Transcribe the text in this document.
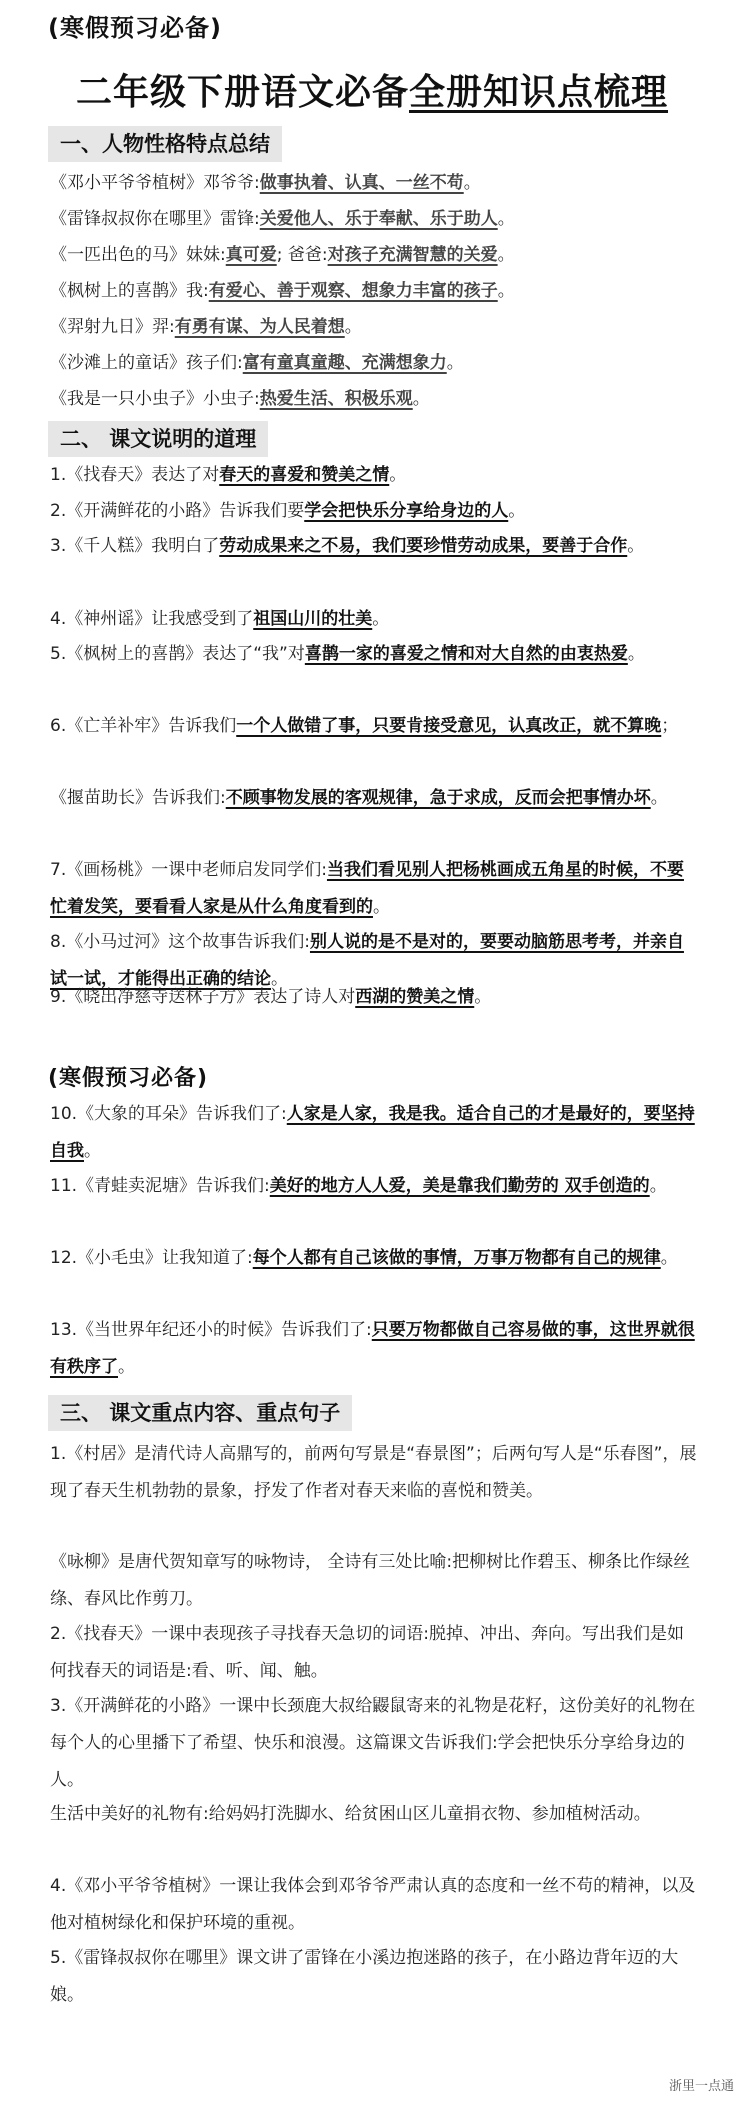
(寒假预习必备)
二年级下册语文必备全册知识点梳理
一、人物性格特点总结
《邓小平爷爷植树》邓爷爷:做事执着、认真、一丝不苟。
《雷锋叔叔你在哪里》雷锋:关爱他人、乐于奉献、乐于助人。
《一匹出色的马》妹妹:真可爱; 爸爸:对孩子充满智慧的关爱。
《枫树上的喜鹊》我:有爱心、善于观察、想象力丰富的孩子。
《羿射九日》羿:有勇有谋、为人民着想。
《沙滩上的童话》孩子们:富有童真童趣、充满想象力。
《我是一只小虫子》小虫子:热爱生活、积极乐观。
二、 课文说明的道理
1.《找春天》表达了对春天的喜爱和赞美之情。
2.《开满鲜花的小路》告诉我们要学会把快乐分享给身边的人。
3.《千人糕》我明白了劳动成果来之不易，我们要珍惜劳动成果，要善于合作。
4.《神州谣》让我感受到了祖国山川的壮美。
5.《枫树上的喜鹊》表达了“我”对喜鹊一家的喜爱之情和对大自然的由衷热爱。
6.《亡羊补牢》告诉我们一个人做错了事，只要肯接受意见，认真改正，就不算晚；
《揠苗助长》告诉我们:不顾事物发展的客观规律，急于求成，反而会把事情办坏。
7.《画杨桃》一课中老师启发同学们:当我们看见别人把杨桃画成五角星的时候，不要忙着发笑，要看看人家是从什么角度看到的。
8.《小马过河》这个故事告诉我们:别人说的是不是对的，要要动脑筋思考考，并亲自试一试，才能得出正确的结论。
9.《晓出净慈寺送林子方》表达了诗人对西湖的赞美之情。
(寒假预习必备)
10.《大象的耳朵》告诉我们了:人家是人家，我是我。适合自己的才是最好的，要坚持自我。
11.《青蛙卖泥塘》告诉我们:美好的地方人人爱，美是靠我们勤劳的 双手创造的。
12.《小毛虫》让我知道了:每个人都有自己该做的事情，万事万物都有自己的规律。
13.《当世界年纪还小的时候》告诉我们了:只要万物都做自己容易做的事，这世界就很有秩序了。
三、 课文重点内容、重点句子
1.《村居》是清代诗人高鼎写的，前两句写景是“春景图”；后两句写人是“乐春图”，展现了春天生机勃勃的景象，抒发了作者对春天来临的喜悦和赞美。
《咏柳》是唐代贺知章写的咏物诗， 全诗有三处比喻:把柳树比作碧玉、柳条比作绿丝绦、春风比作剪刀。
2.《找春天》一课中表现孩子寻找春天急切的词语:脱掉、冲出、奔向。写出我们是如何找春天的词语是:看、听、闻、触。
3.《开满鲜花的小路》一课中长颈鹿大叔给鼹鼠寄来的礼物是花籽，这份美好的礼物在每个人的心里播下了希望、快乐和浪漫。这篇课文告诉我们:学会把快乐分享给身边的人。
生活中美好的礼物有:给妈妈打洗脚水、给贫困山区儿童捐衣物、参加植树活动。
4.《邓小平爷爷植树》一课让我体会到邓爷爷严肃认真的态度和一丝不苟的精神，以及他对植树绿化和保护环境的重视。
5.《雷锋叔叔你在哪里》课文讲了雷锋在小溪边抱迷路的孩子，在小路边背年迈的大娘。
浙里一点通
